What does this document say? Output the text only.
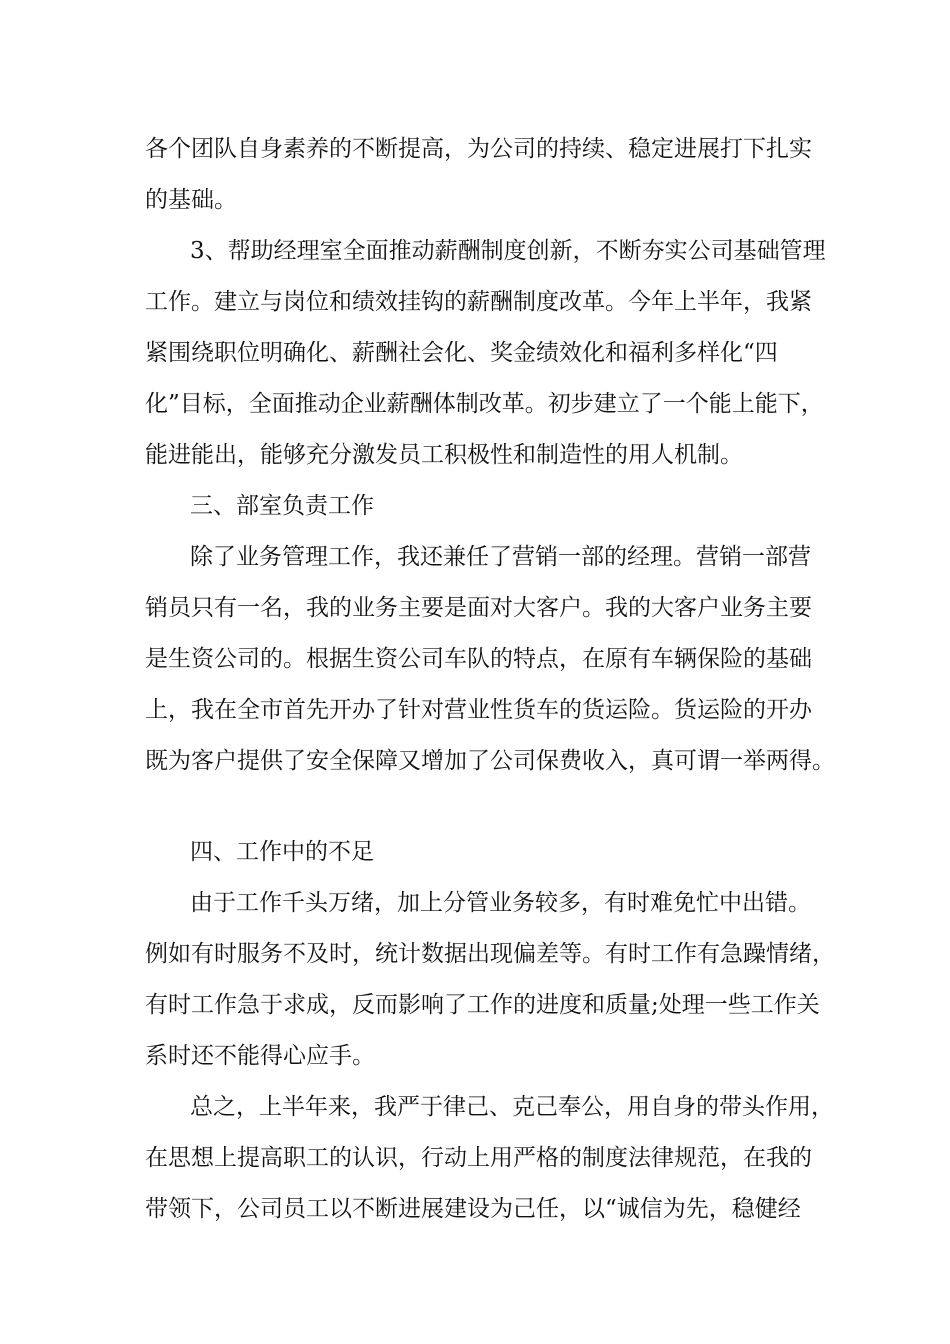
各个团队自身素养的不断提高，为公司的持续、稳定进展打下扎实
的基础。
3、帮助经理室全面推动薪酬制度创新，不断夯实公司基础管理
工作。建立与岗位和绩效挂钩的薪酬制度改革。今年上半年，我紧
紧围绕职位明确化、薪酬社会化、奖金绩效化和福利多样化“四
化”目标，全面推动企业薪酬体制改革。初步建立了一个能上能下，
能进能出，能够充分激发员工积极性和制造性的用人机制。
三、部室负责工作
除了业务管理工作，我还兼任了营销一部的经理。营销一部营
销员只有一名，我的业务主要是面对大客户。我的大客户业务主要
是生资公司的。根据生资公司车队的特点，在原有车辆保险的基础
上，我在全市首先开办了针对营业性货车的货运险。货运险的开办
既为客户提供了安全保障又增加了公司保费收入，真可谓一举两得。
四、工作中的不足
由于工作千头万绪，加上分管业务较多，有时难免忙中出错。
例如有时服务不及时，统计数据出现偏差等。有时工作有急躁情绪，
有时工作急于求成，反而影响了工作的进度和质量;处理一些工作关
系时还不能得心应手。
总之，上半年来，我严于律己、克己奉公，用自身的带头作用，
在思想上提高职工的认识，行动上用严格的制度法律规范，在我的
带领下，公司员工以不断进展建设为己任，以“诚信为先，稳健经
